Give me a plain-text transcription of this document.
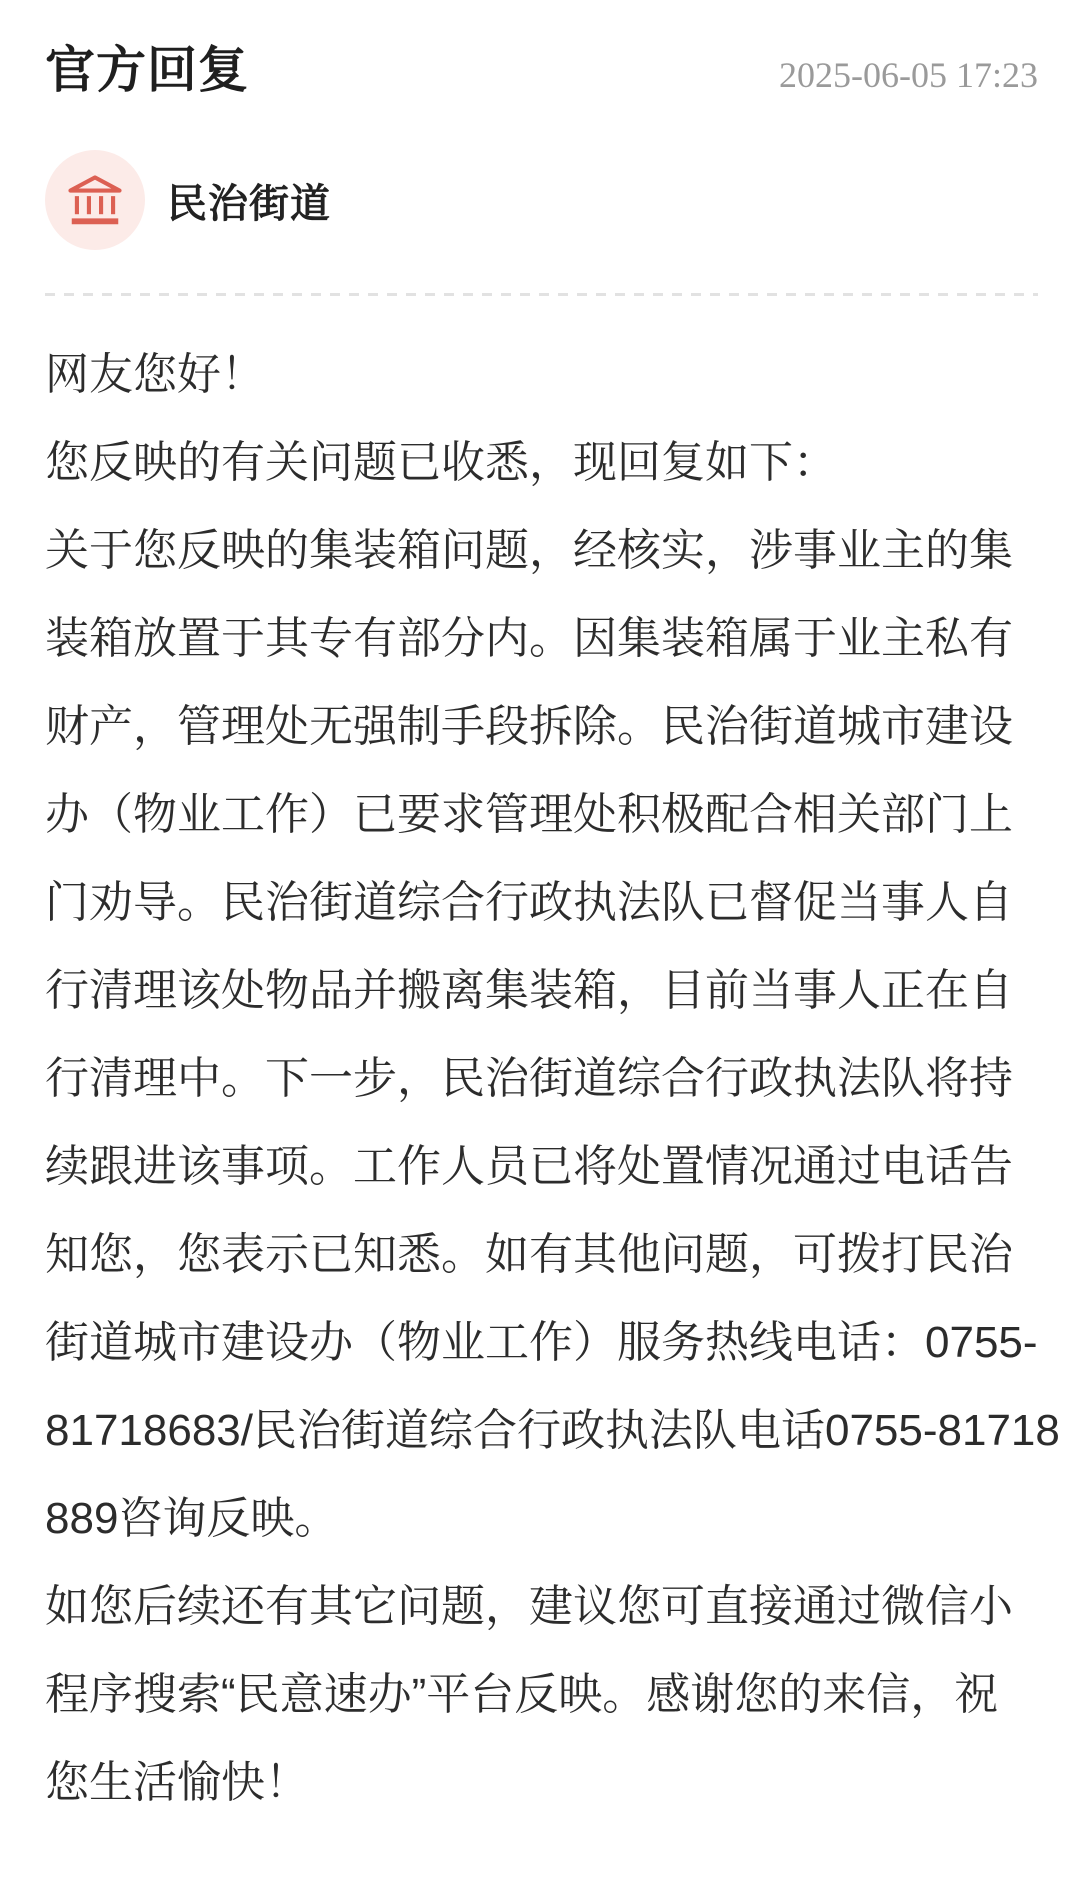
官方回复	2025-06-05 17:23
民治街道

网友您好！

您反映的有关问题已收悉，现回复如下：

关于您反映的集装箱问题，经核实，涉事业主的集

装箱放置于其专有部分内。因集装箱属于业主私有

财产，管理处无强制手段拆除。民治街道城市建设

办（物业工作）已要求管理处积极配合相关部门上

门劝导。民治街道综合行政执法队已督促当事人自

行清理该处物品并搬离集装箱，目前当事人正在自

行清理中。下一步，民治街道综合行政执法队将持

续跟进该事项。工作人员已将处置情况通过电话告

知您，您表示已知悉。如有其他问题，可拨打民治

街道城市建设办（物业工作）服务热线电话：0755-

81718683/民治街道综合行政执法队电话0755-81718

889咨询反映。

如您后续还有其它问题，建议您可直接通过微信小

程序搜索“民意速办”平台反映。感谢您的来信，祝

您生活愉快！
